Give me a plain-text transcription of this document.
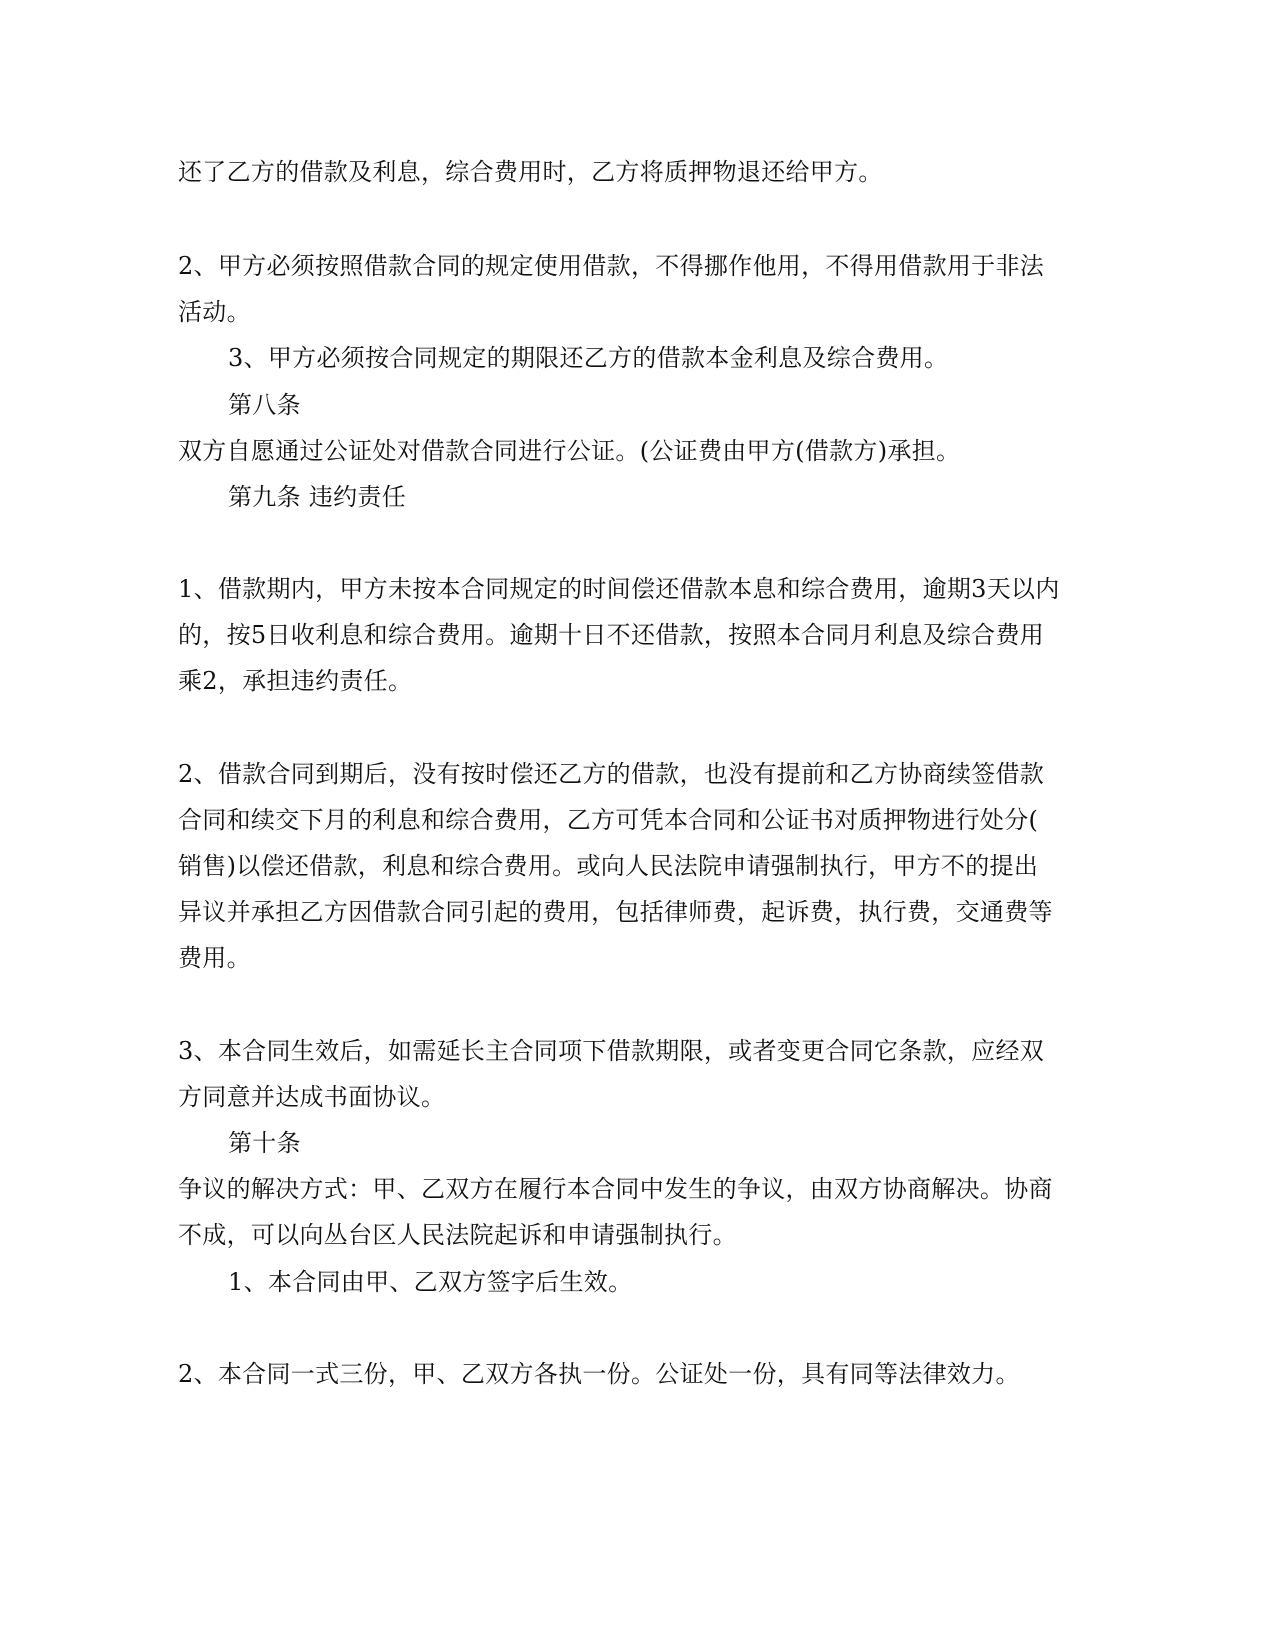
还了乙方的借款及利息，综合费用时，乙方将质押物退还给甲方。
2、甲方必须按照借款合同的规定使用借款，不得挪作他用，不得用借款用于非法
活动。
3、甲方必须按合同规定的期限还乙方的借款本金利息及综合费用。
第八条
双方自愿通过公证处对借款合同进行公证。(公证费由甲方(借款方)承担。
第九条 违约责任
1、借款期内，甲方未按本合同规定的时间偿还借款本息和综合费用，逾期3天以内
的，按5日收利息和综合费用。逾期十日不还借款，按照本合同月利息及综合费用
乘2，承担违约责任。
2、借款合同到期后，没有按时偿还乙方的借款，也没有提前和乙方协商续签借款
合同和续交下月的利息和综合费用，乙方可凭本合同和公证书对质押物进行处分(
销售)以偿还借款，利息和综合费用。或向人民法院申请强制执行，甲方不的提出
异议并承担乙方因借款合同引起的费用，包括律师费，起诉费，执行费，交通费等
费用。
3、本合同生效后，如需延长主合同项下借款期限，或者变更合同它条款，应经双
方同意并达成书面协议。
第十条
争议的解决方式：甲、乙双方在履行本合同中发生的争议，由双方协商解决。协商
不成，可以向丛台区人民法院起诉和申请强制执行。
1、本合同由甲、乙双方签字后生效。
2、本合同一式三份，甲、乙双方各执一份。公证处一份，具有同等法律效力。
